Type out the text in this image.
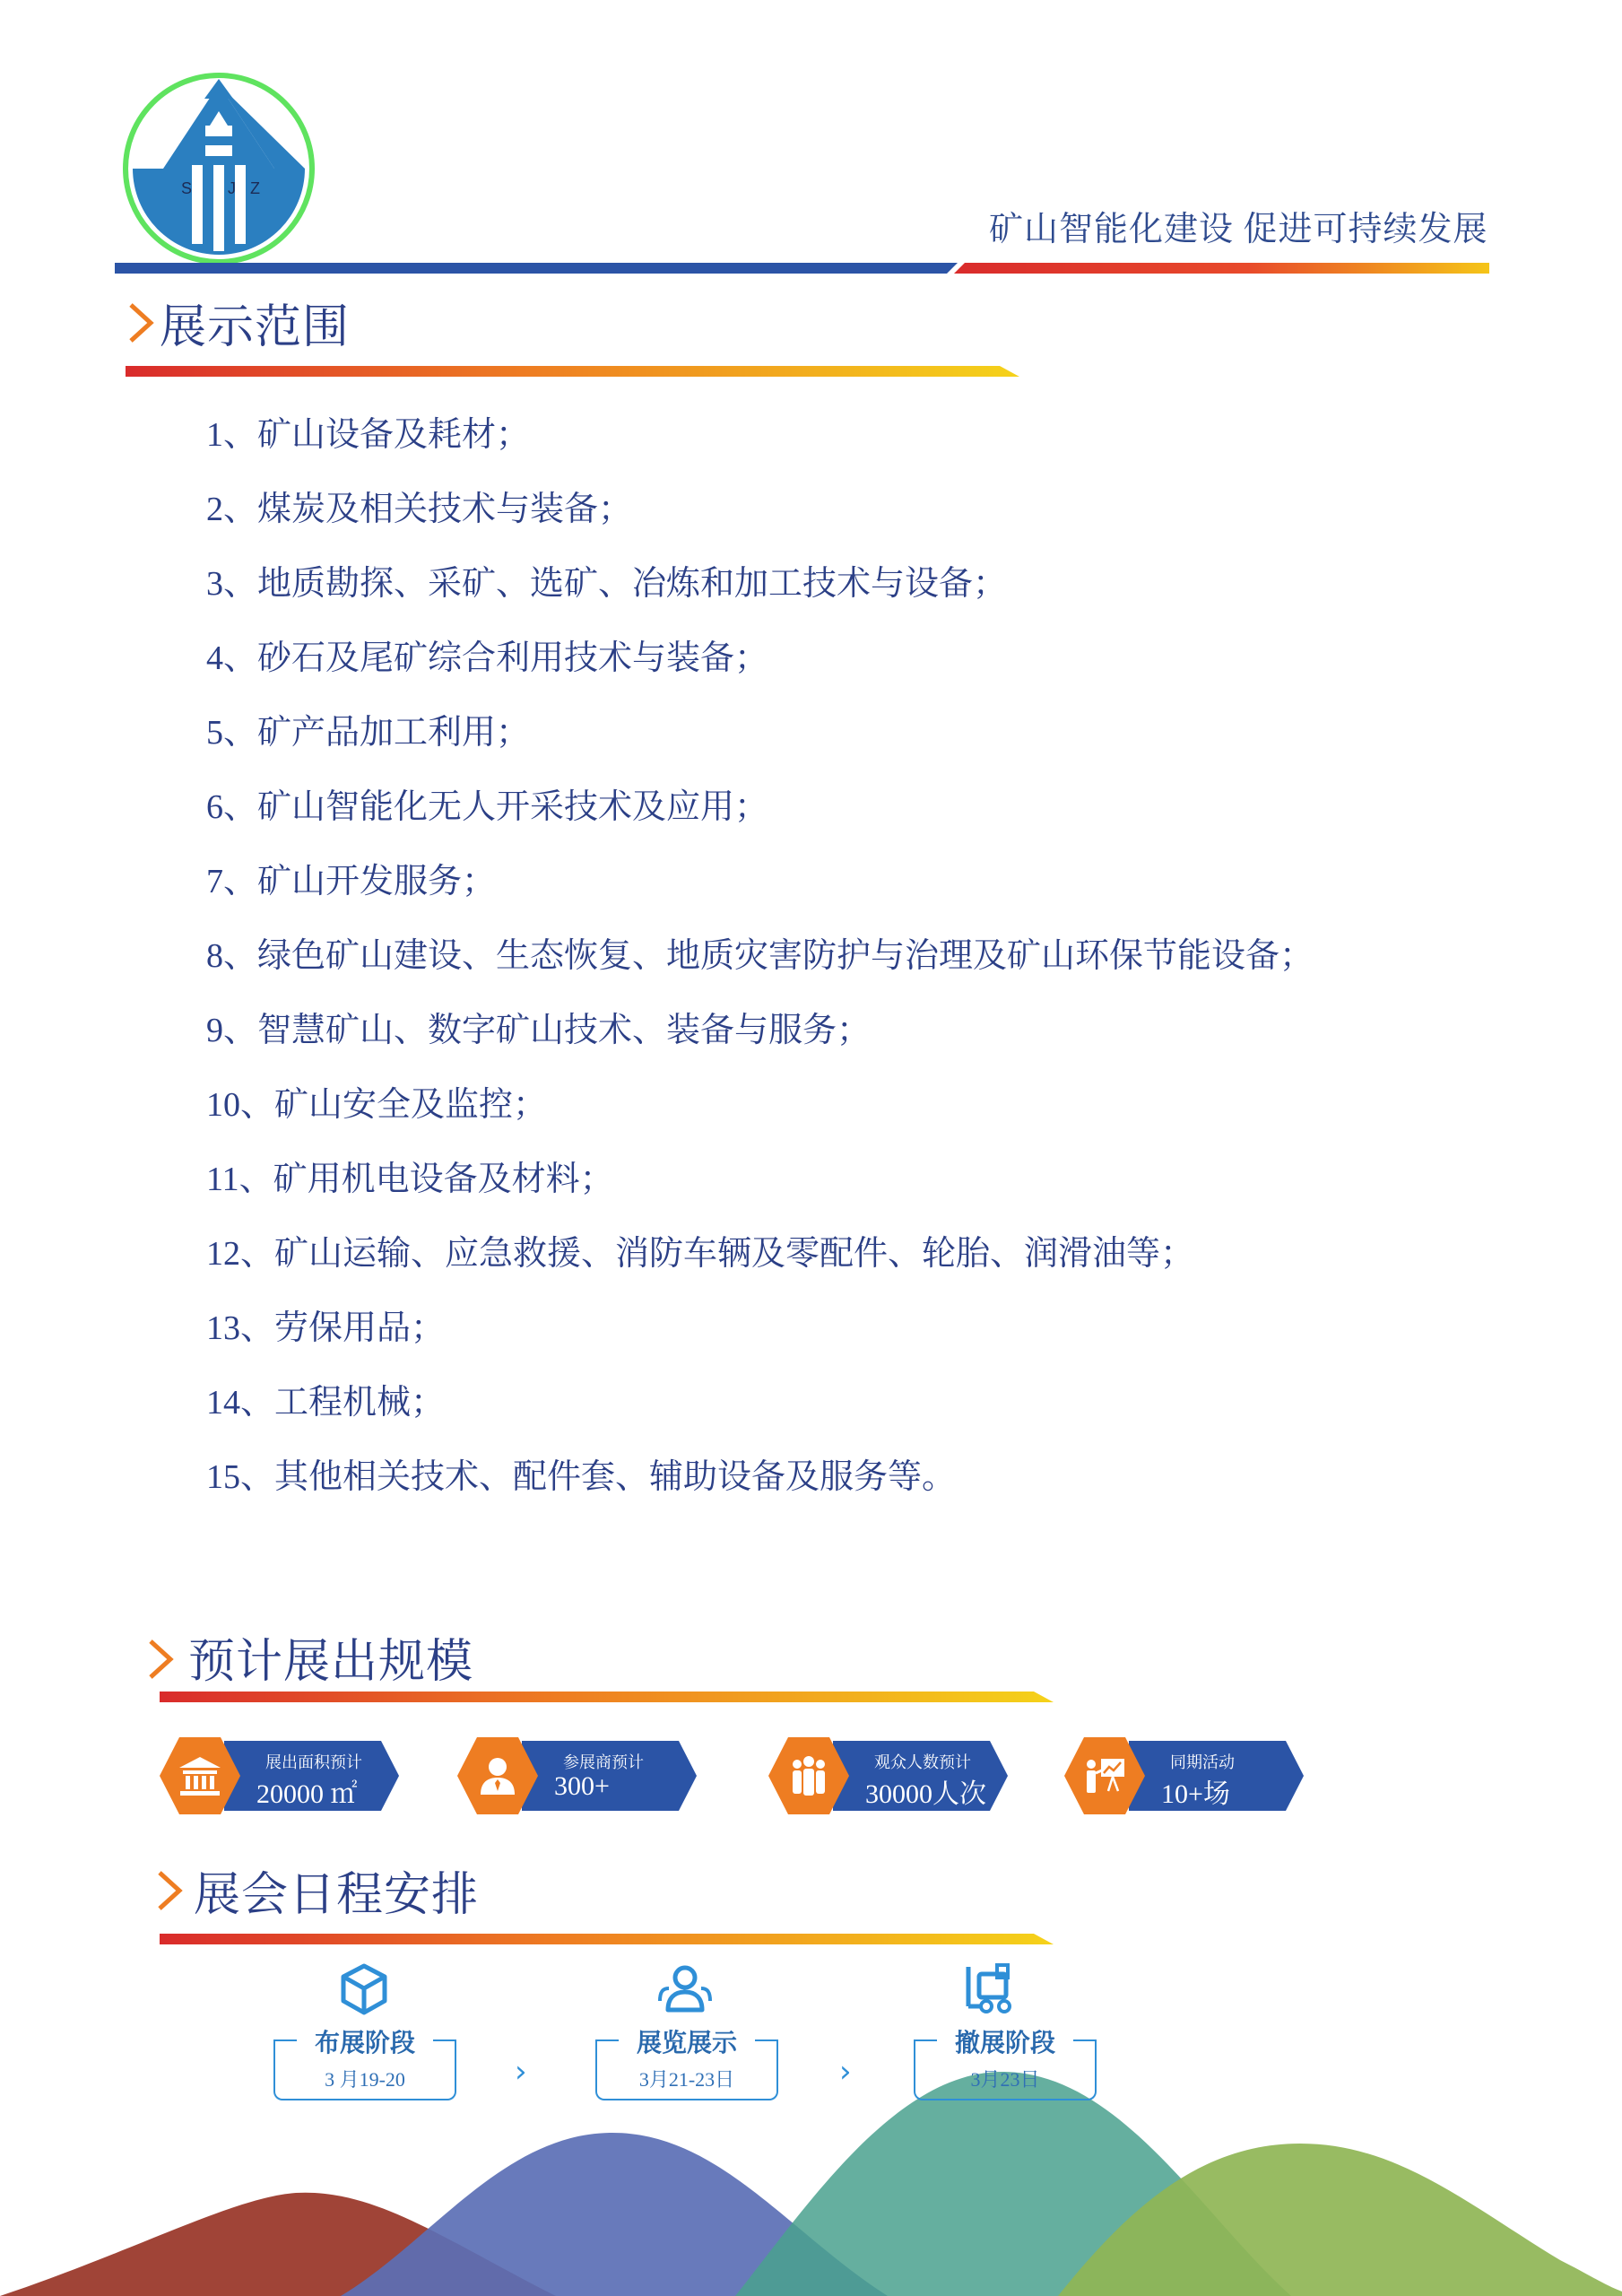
S J Z
矿山智能化建设 促进可持续发展
展示范围
1、矿山设备及耗材；
2、煤炭及相关技术与装备；
3、地质勘探、采矿、选矿、冶炼和加工技术与设备；
4、砂石及尾矿综合利用技术与装备；
5、矿产品加工利用；
6、矿山智能化无人开采技术及应用；
7、矿山开发服务；
8、绿色矿山建设、生态恢复、地质灾害防护与治理及矿山环保节能设备；
9、智慧矿山、数字矿山技术、装备与服务；
10、矿山安全及监控；
11、矿用机电设备及材料；
12、矿山运输、应急救援、消防车辆及零配件、轮胎、润滑油等；
13、劳保用品；
14、工程机械；
15、其他相关技术、配件套、辅助设备及服务等。
预计展出规模
展出面积预计
20000 ㎡
参展商预计
300+
观众人数预计
30000人次
同期活动
10+场
展会日程安排
布展阶段
3 月19-20	›
展览展示
3月21-23日	›
撤展阶段
3月23日
